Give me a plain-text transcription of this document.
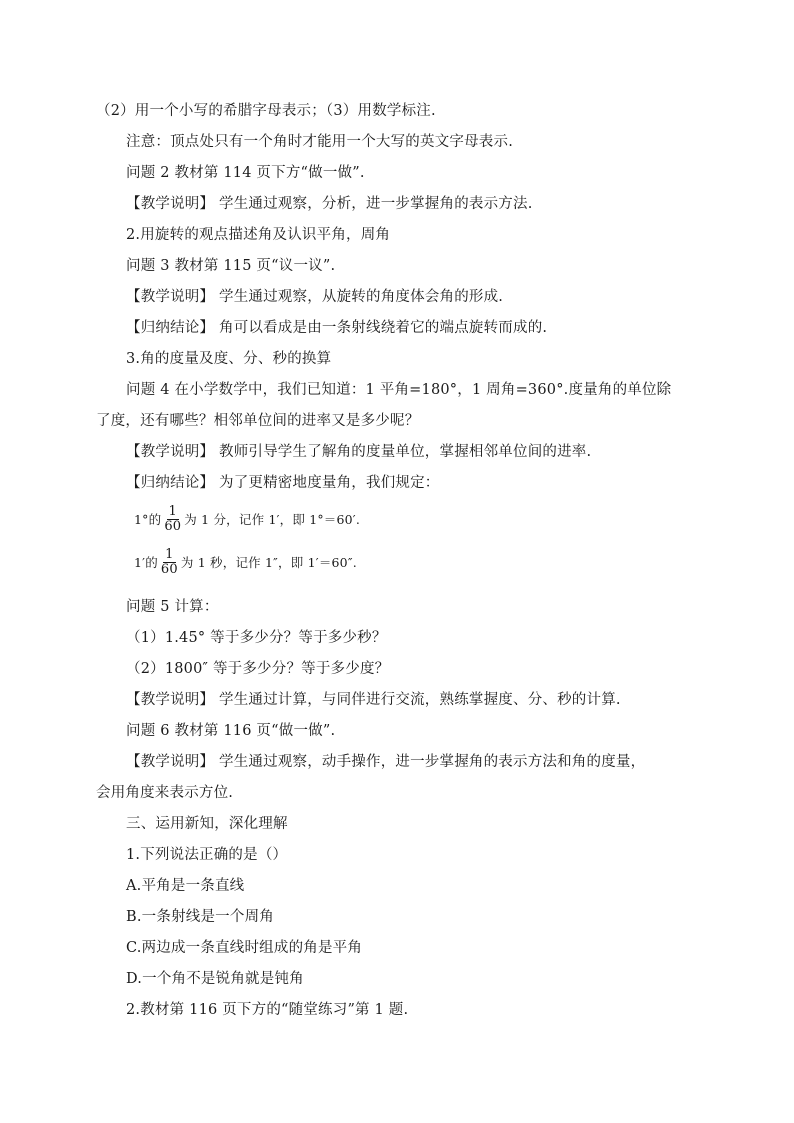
（2）用一个小写的希腊字母表示；（3）用数学标注.
注意：顶点处只有一个角时才能用一个大写的英文字母表示.
问题 2 教材第 114 页下方“做一做”.
【教学说明】 学生通过观察，分析，进一步掌握角的表示方法.
2.用旋转的观点描述角及认识平角，周角
问题 3 教材第 115 页“议一议”.
【教学说明】 学生通过观察，从旋转的角度体会角的形成.
【归纳结论】 角可以看成是由一条射线绕着它的端点旋转而成的.
3.角的度量及度、分、秒的换算
问题 4 在小学数学中，我们已知道：1 平角=180°，1 周角=360°.度量角的单位除
了度，还有哪些？相邻单位间的进率又是多少呢？
【教学说明】 教师引导学生了解角的度量单位，掌握相邻单位间的进率.
【归纳结论】 为了更精密地度量角，我们规定：
1°的 $\frac{1}{60}$ 为 1 分，记作 1′，即 1°＝60′.
1′的 $\frac{1}{60}$ 为 1 秒，记作 1″，即 1′＝60″.
问题 5 计算：
（1）1.45° 等于多少分？等于多少秒？
（2）1800″ 等于多少分？等于多少度？
【教学说明】 学生通过计算，与同伴进行交流，熟练掌握度、分、秒的计算.
问题 6 教材第 116 页“做一做”.
【教学说明】 学生通过观察，动手操作，进一步掌握角的表示方法和角的度量，
会用角度来表示方位.
三、运用新知，深化理解
1.下列说法正确的是（）
A.平角是一条直线
B.一条射线是一个周角
C.两边成一条直线时组成的角是平角
D.一个角不是锐角就是钝角
2.教材第 116 页下方的“随堂练习”第 1 题.
